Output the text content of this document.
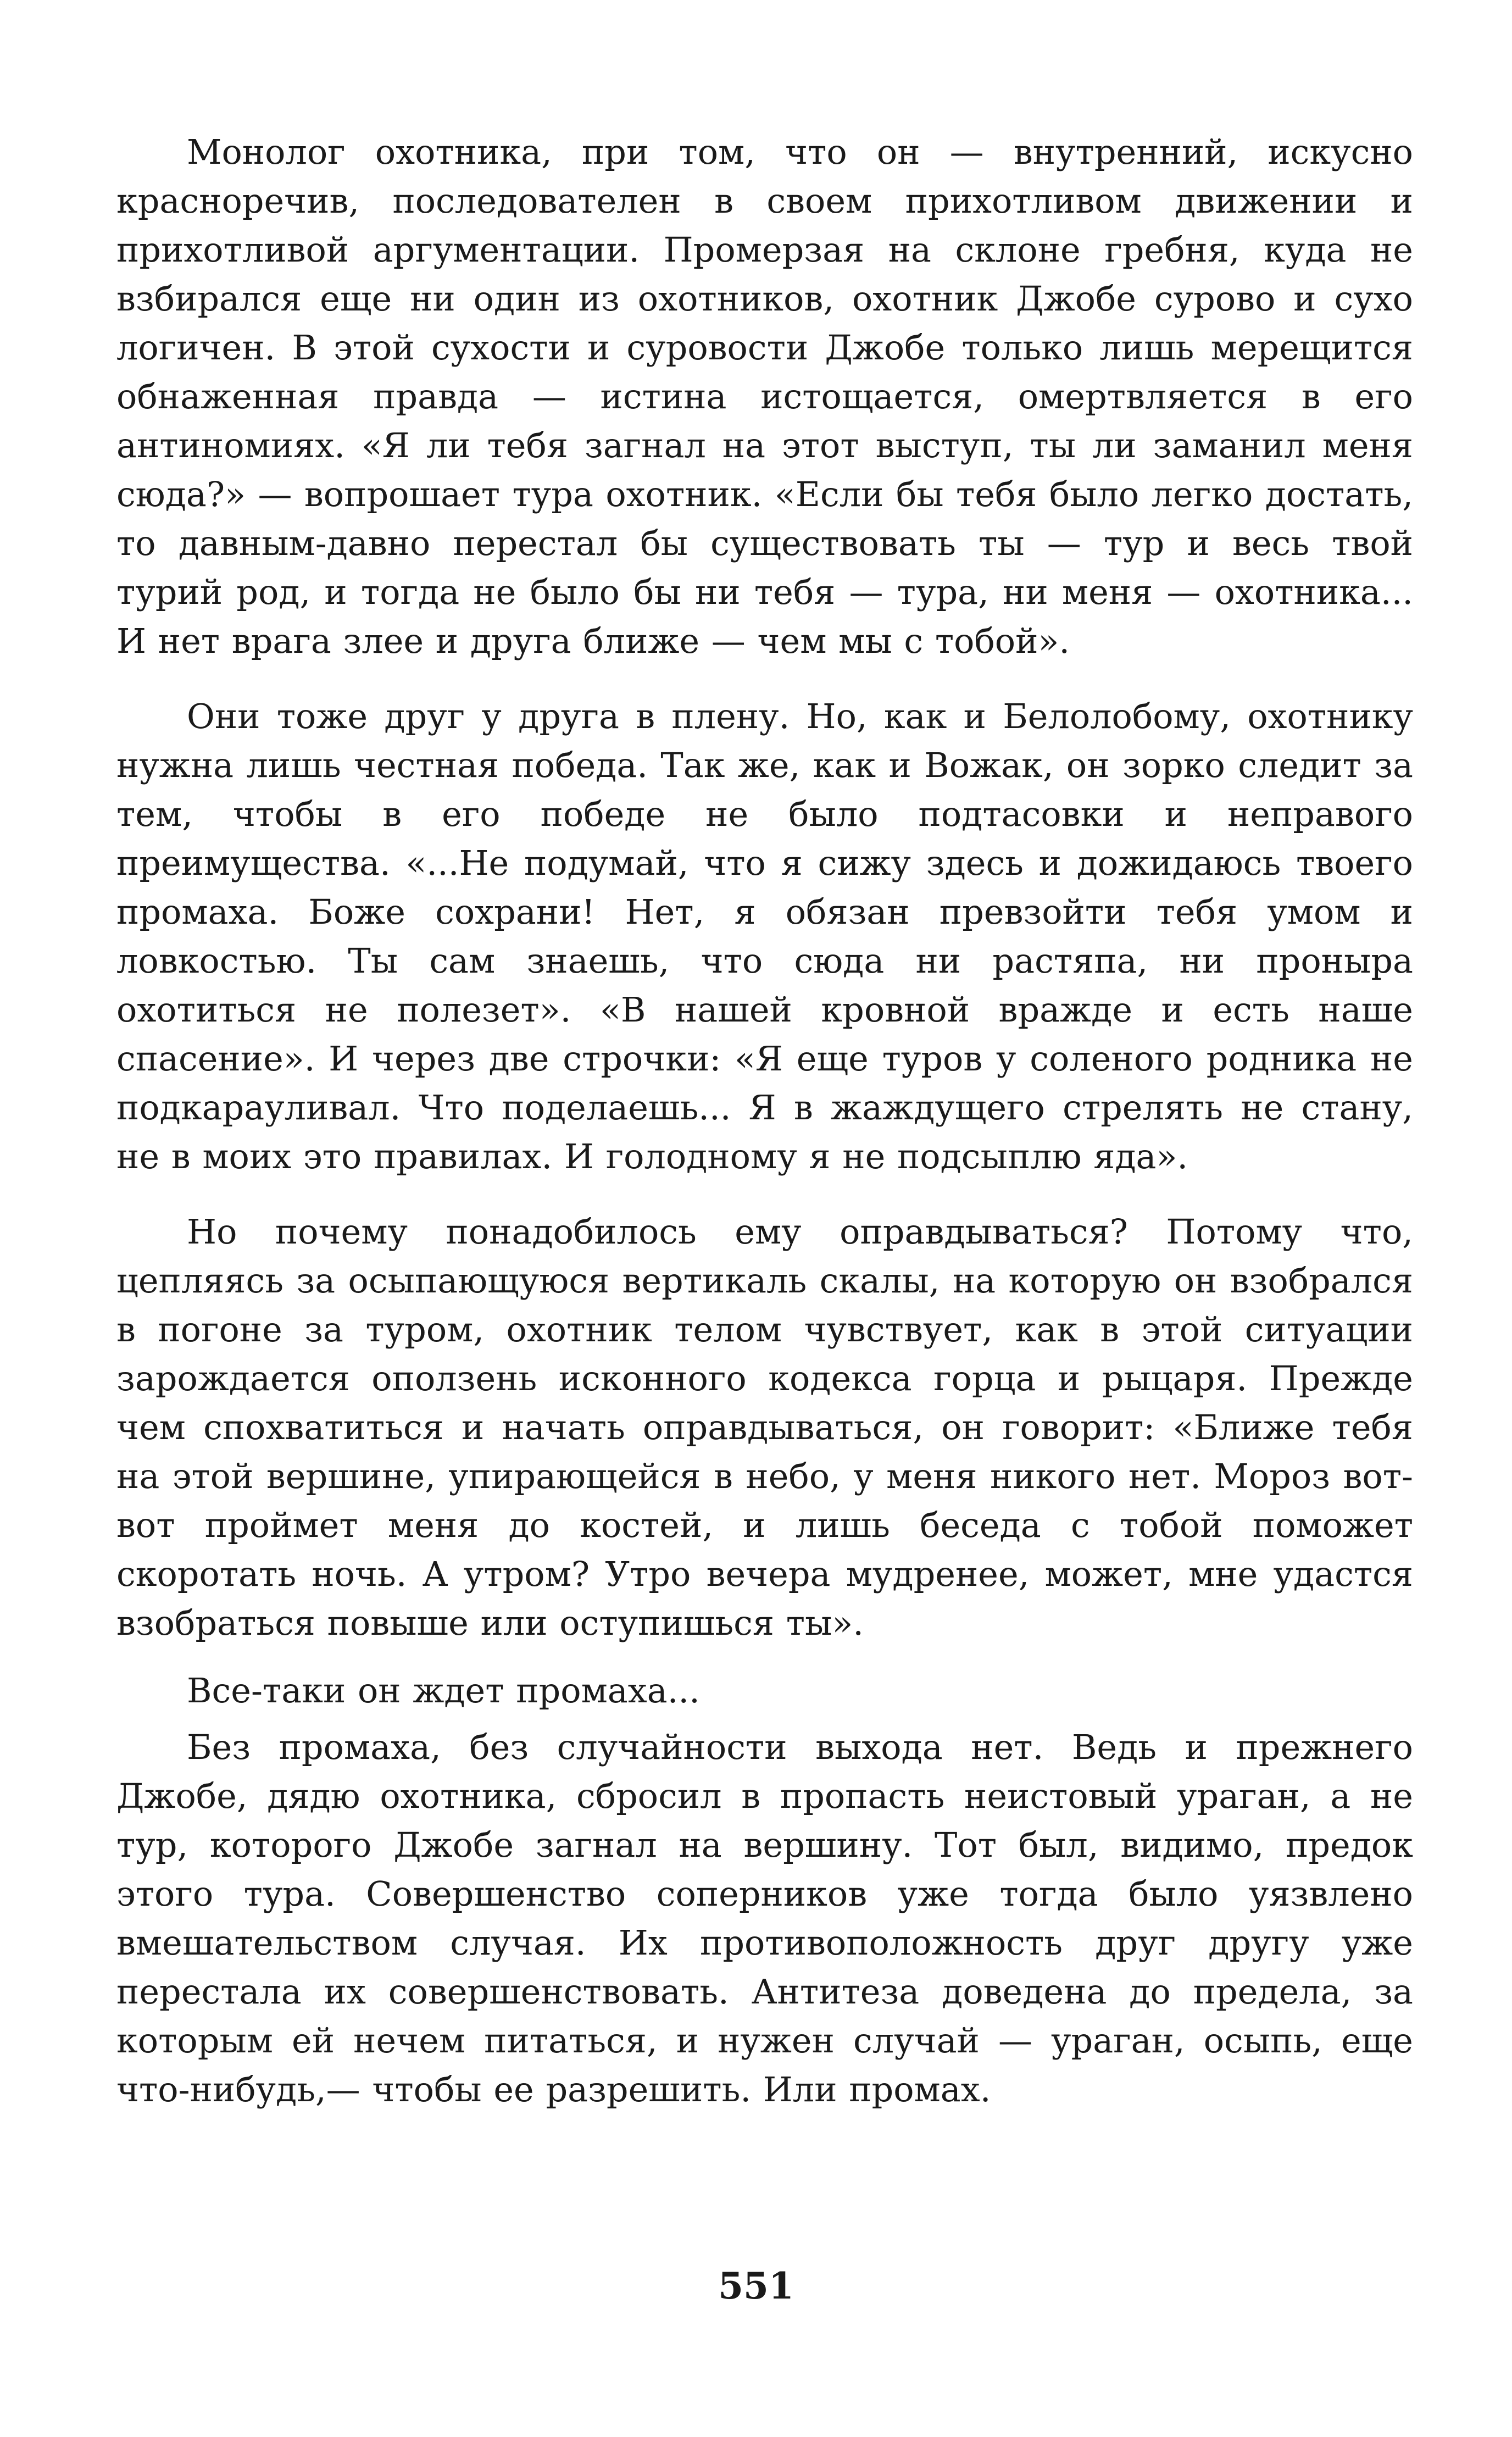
Монолог охотника, при том, что он — внутренний, искусно красноречив, последователен в своем прихотливом движении и прихотливой аргументации. Промерзая на склоне гребня, куда не взбирался еще ни один из охотников, охотник Джобе сурово и сухо логичен. В этой сухости и суровости Джобе только лишь мерещится обнаженная правда — истина истощается, омертвляется в его антиномиях. «Я ли тебя загнал на этот выступ, ты ли заманил меня сюда?» — вопрошает тура охотник. «Если бы тебя было легко достать, то давным-давно перестал бы существовать ты — тур и весь твой турий род, и тогда не было бы ни тебя — тура, ни меня — охотника... И нет врага злее и друга ближе — чем мы с тобой».

Они тоже друг у друга в плену. Но, как и Белолобому, охотнику нужна лишь честная победа. Так же, как и Вожак, он зорко следит за тем, чтобы в его победе не было подтасовки и неправого преимущества. «...Не подумай, что я сижу здесь и дожидаюсь твоего промаха. Боже сохрани! Нет, я обязан превзойти тебя умом и ловкостью. Ты сам знаешь, что сюда ни растяпа, ни проныра охотиться не полезет». «В нашей кровной вражде и есть наше спасение». И через две строчки: «Я еще туров у соленого родника не подкарауливал. Что поделаешь... Я в жаждущего стрелять не стану, не в моих это правилах. И голодному я не подсыплю яда».

Но почему понадобилось ему оправдываться? Потому что, цепляясь за осыпающуюся вертикаль скалы, на которую он взобрался в погоне за туром, охотник телом чувствует, как в этой ситуации зарождается оползень исконного кодекса горца и рыцаря. Прежде чем спохватиться и начать оправдываться, он говорит: «Ближе тебя на этой вершине, упирающейся в небо, у меня никого нет. Мороз вот-вот проймет меня до костей, и лишь беседа с тобой поможет скоротать ночь. А утром? Утро вечера мудренее, может, мне удастся взобраться повыше или оступишься ты».

Все-таки он ждет промаха...

Без промаха, без случайности выхода нет. Ведь и прежнего Джобе, дядю охотника, сбросил в пропасть неистовый ураган, а не тур, которого Джобе загнал на вершину. Тот был, видимо, предок этого тура. Совершенство соперников уже тогда было уязвлено вмешательством случая. Их противоположность друг другу уже перестала их совершенствовать. Антитеза доведена до предела, за которым ей нечем питаться, и нужен случай — ураган, осыпь, еще что-нибудь,— чтобы ее разрешить. Или промах.

551
